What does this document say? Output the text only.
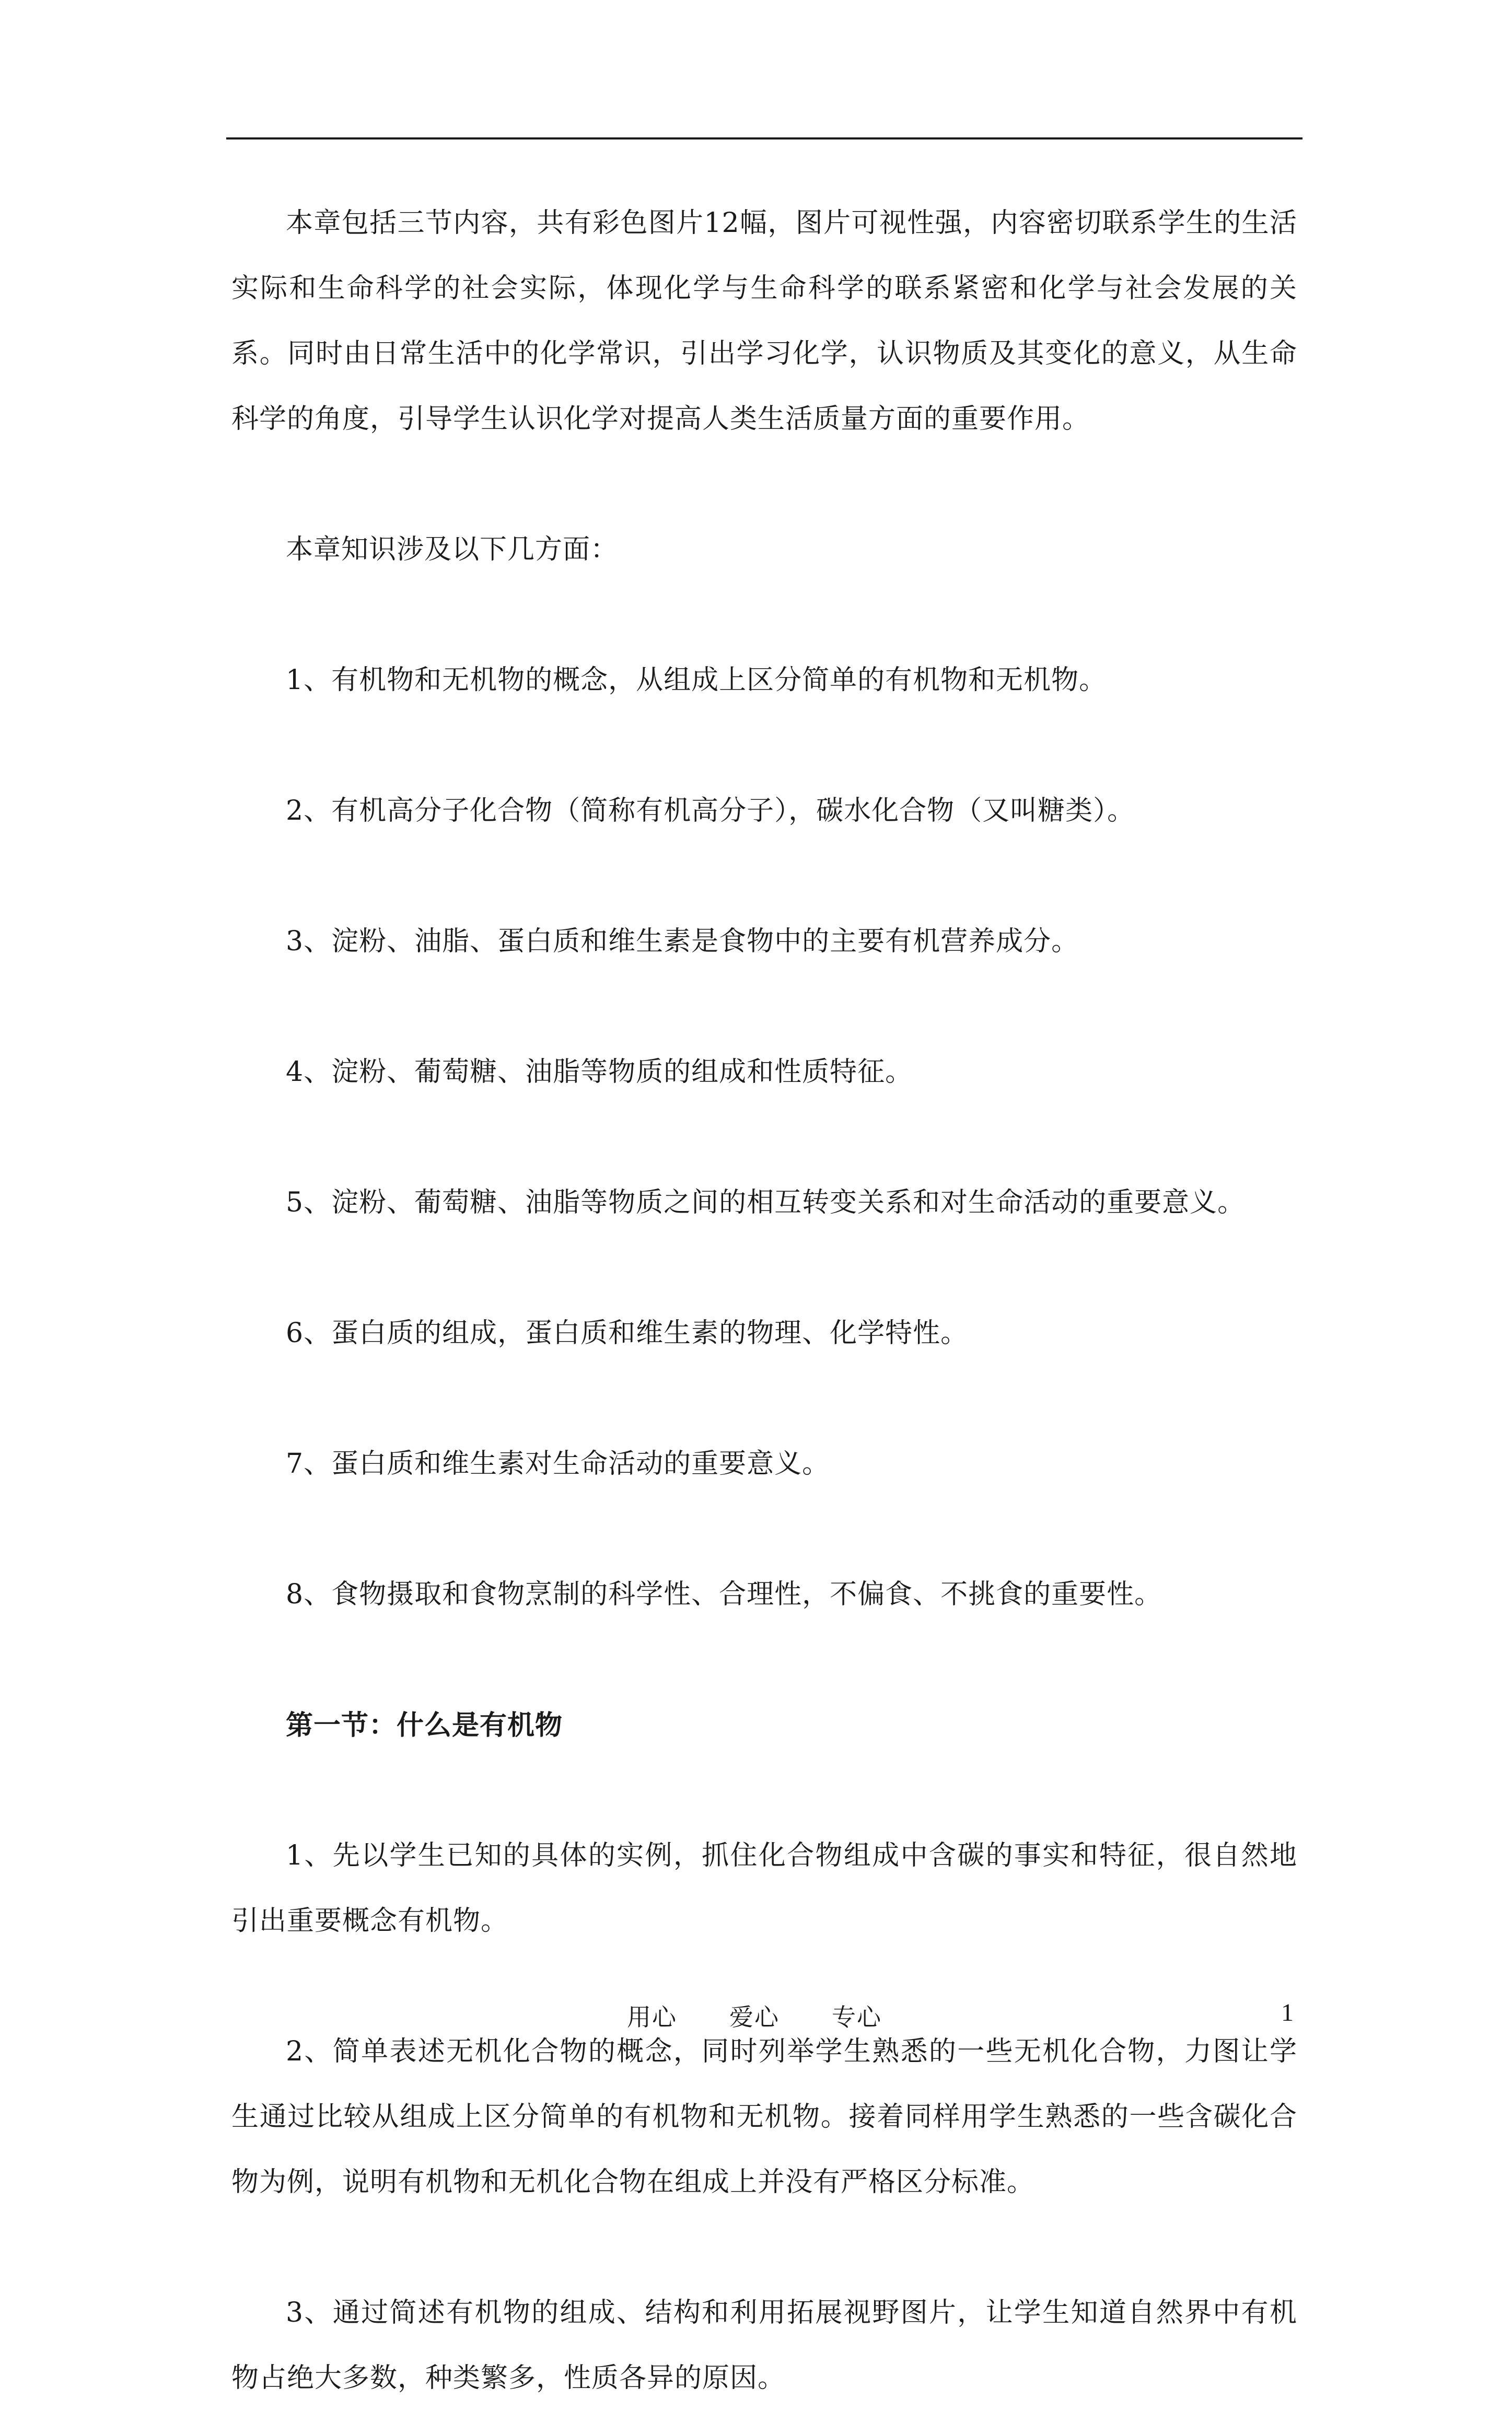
本章包括三节内容，共有彩色图片12幅，图片可视性强，内容密切联系学生的生活实际和生命科学的社会实际，体现化学与生命科学的联系紧密和化学与社会发展的关系。同时由日常生活中的化学常识，引出学习化学，认识物质及其变化的意义，从生命科学的角度，引导学生认识化学对提高人类生活质量方面的重要作用。

本章知识涉及以下几方面：

1、有机物和无机物的概念，从组成上区分简单的有机物和无机物。

2、有机高分子化合物（简称有机高分子），碳水化合物（又叫糖类）。

3、淀粉、油脂、蛋白质和维生素是食物中的主要有机营养成分。

4、淀粉、葡萄糖、油脂等物质的组成和性质特征。

5、淀粉、葡萄糖、油脂等物质之间的相互转变关系和对生命活动的重要意义。

6、蛋白质的组成，蛋白质和维生素的物理、化学特性。

7、蛋白质和维生素对生命活动的重要意义。

8、食物摄取和食物烹制的科学性、合理性，不偏食、不挑食的重要性。

第一节：什么是有机物

1、先以学生已知的具体的实例，抓住化合物组成中含碳的事实和特征，很自然地引出重要概念有机物。

2、简单表述无机化合物的概念，同时列举学生熟悉的一些无机化合物，力图让学生通过比较从组成上区分简单的有机物和无机物。接着同样用学生熟悉的一些含碳化合物为例，说明有机物和无机化合物在组成上并没有严格区分标准。

3、通过简述有机物的组成、结构和利用拓展视野图片，让学生知道自然界中有机物占绝大多数，种类繁多，性质各异的原因。

用心 爱心 专心	1
